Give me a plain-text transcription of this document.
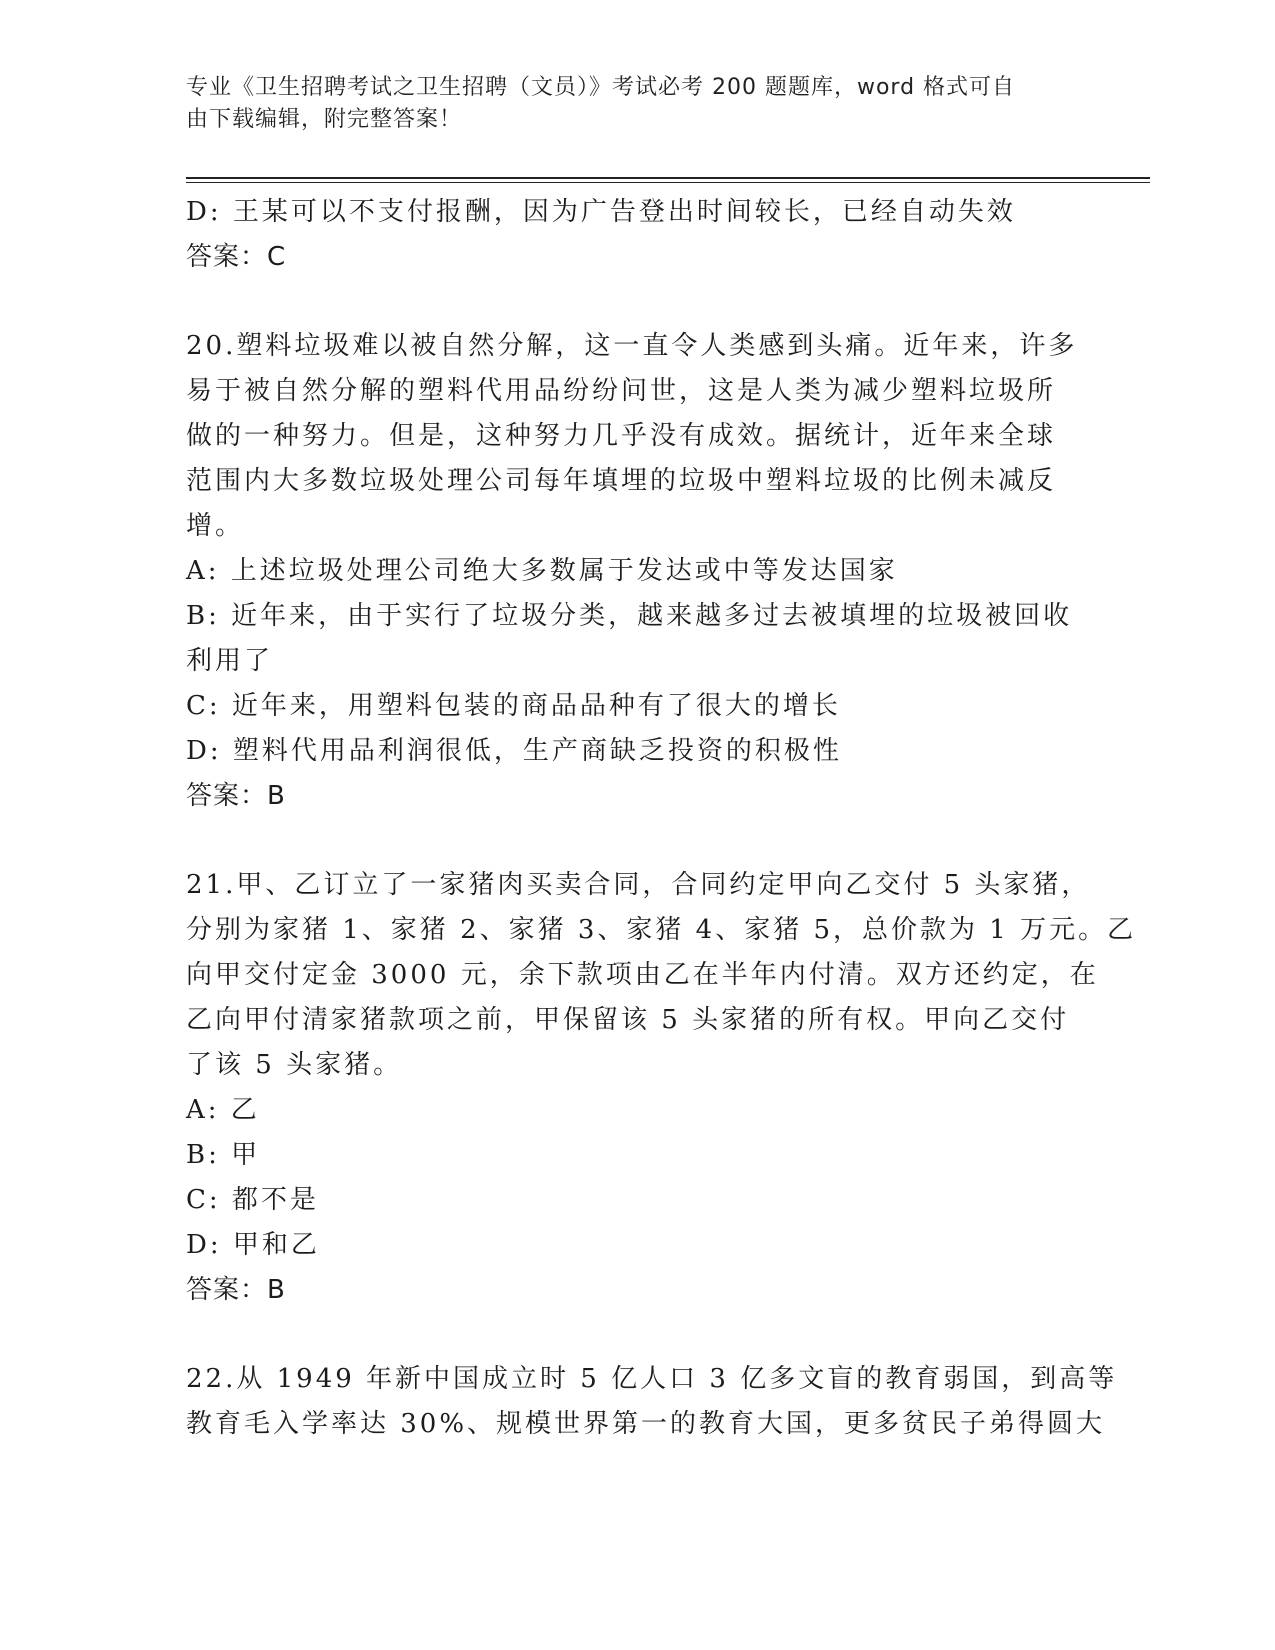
专业《卫生招聘考试之卫生招聘（文员）》考试必考 200 题题库，word 格式可自
由下载编辑，附完整答案！
D: 王某可以不支付报酬，因为广告登出时间较长，已经自动失效
答案：C
20.塑料垃圾难以被自然分解，这一直令人类感到头痛。近年来，许多
易于被自然分解的塑料代用品纷纷问世，这是人类为减少塑料垃圾所
做的一种努力。但是，这种努力几乎没有成效。据统计，近年来全球
范围内大多数垃圾处理公司每年填埋的垃圾中塑料垃圾的比例未减反
增。
A: 上述垃圾处理公司绝大多数属于发达或中等发达国家
B: 近年来，由于实行了垃圾分类，越来越多过去被填埋的垃圾被回收
利用了
C: 近年来，用塑料包装的商品品种有了很大的增长
D: 塑料代用品利润很低，生产商缺乏投资的积极性
答案：B
21.甲、乙订立了一家猪肉买卖合同，合同约定甲向乙交付 5 头家猪，
分别为家猪 1、家猪 2、家猪 3、家猪 4、家猪 5，总价款为 1 万元。乙
向甲交付定金 3000 元，余下款项由乙在半年内付清。双方还约定，在
乙向甲付清家猪款项之前，甲保留该 5 头家猪的所有权。甲向乙交付
了该 5 头家猪。
A: 乙
B: 甲
C: 都不是
D: 甲和乙
答案：B
22.从 1949 年新中国成立时 5 亿人口 3 亿多文盲的教育弱国，到高等
教育毛入学率达 30%、规模世界第一的教育大国，更多贫民子弟得圆大
